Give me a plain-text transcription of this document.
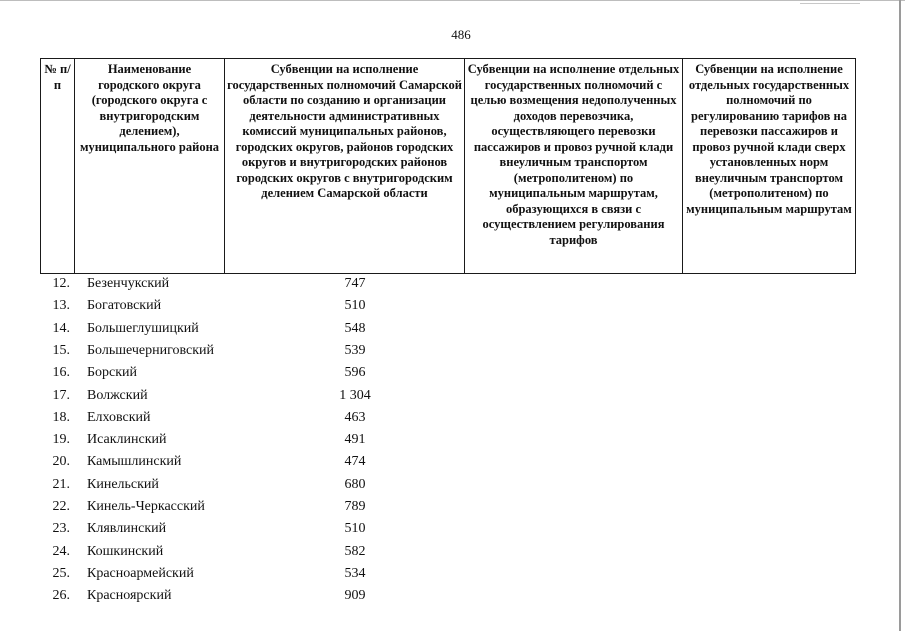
486
№ п/п	Наименование городского округа (городского округа с внутригородским делением), муниципального района	Субвенции на исполнение государственных полномочий Самарской области по созданию и организации деятельности административных комиссий муниципальных районов, городских округов, районов городских округов и внутригородских районов городских округов с внутригородским делением Самарской области	Субвенции на исполнение отдельных государственных полномочий с целью возмещения недополученных доходов перевозчика, осуществляющего перевозки пассажиров и провоз ручной клади внеуличным транспортом (метрополитеном) по муниципальным маршрутам, образующихся в связи с осуществлением регулирования тарифов	Субвенции на исполнение отдельных государственных полномочий по регулированию тарифов на перевозки пассажиров и провоз ручной клади сверх установленных норм внеуличным транспортом (метрополитеном) по муниципальным маршрутам
12. Безенчукский	747
13. Богатовский	510
14. Большеглушицкий	548
15. Большечерниговский	539
16. Борский	596
17. Волжский	1 304
18. Елховский	463
19. Исаклинский	491
20. Камышлинский	474
21. Кинельский	680
22. Кинель-Черкасский	789
23. Клявлинский	510
24. Кошкинский	582
25. Красноармейский	534
26. Красноярский	909
